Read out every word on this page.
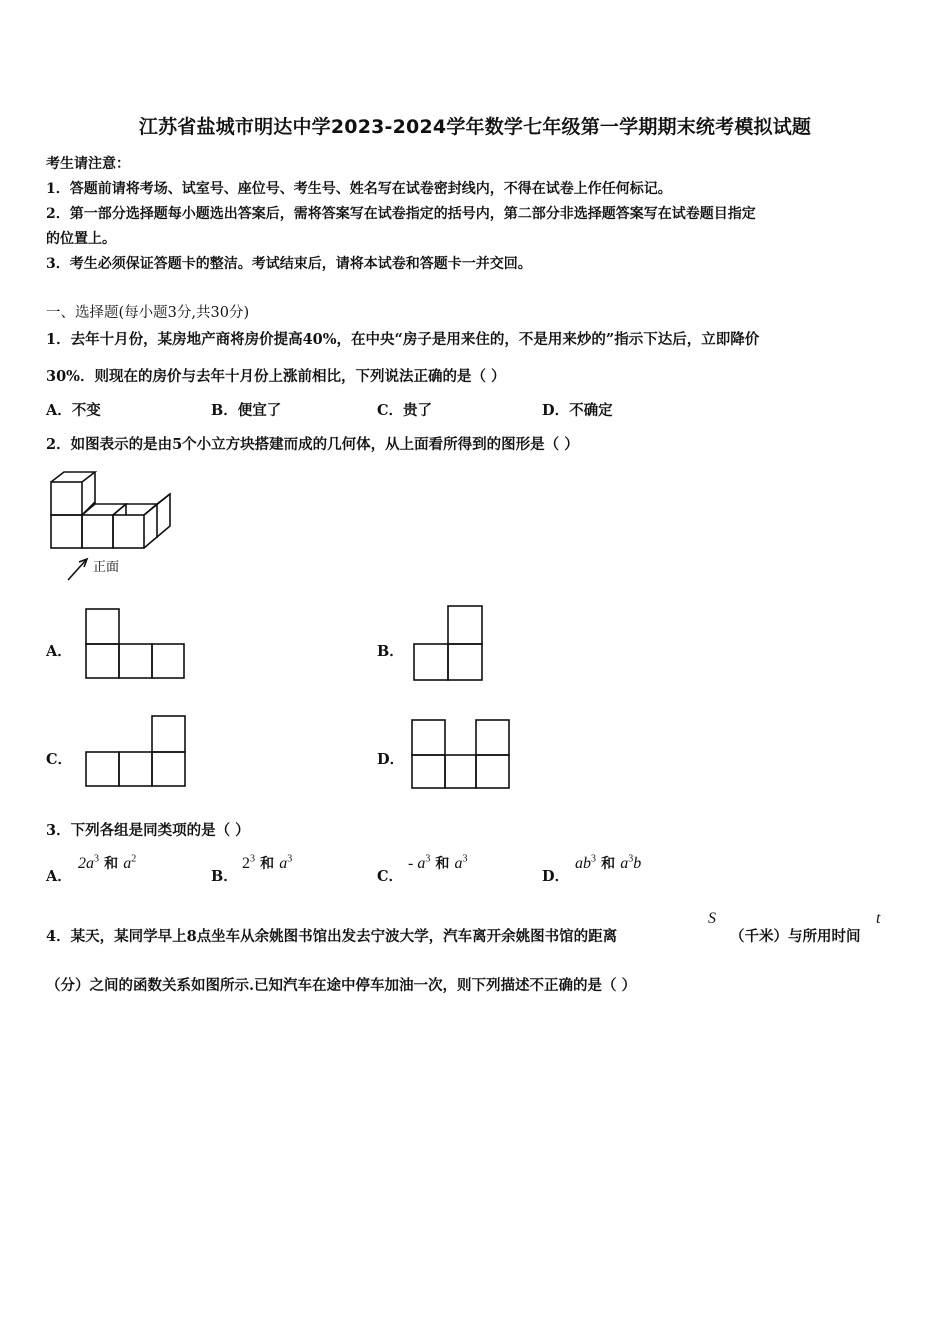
江苏省盐城市明达中学2023-2024学年数学七年级第一学期期末统考模拟试题
考生请注意：
1．答题前请将考场、试室号、座位号、考生号、姓名写在试卷密封线内，不得在试卷上作任何标记。
2．第一部分选择题每小题选出答案后，需将答案写在试卷指定的括号内，第二部分非选择题答案写在试卷题目指定
的位置上。
3．考生必须保证答题卡的整洁。考试结束后，请将本试卷和答题卡一并交回。
一、选择题(每小题3分,共30分)
1．去年十月份，某房地产商将房价提高40%，在中央“房子是用来住的，不是用来炒的”指示下达后，立即降价
30%．则现在的房价与去年十月份上涨前相比，下列说法正确的是（ ）
A．不变	B．便宜了	C．贵了	D．不确定
2．如图表示的是由5个小立方块搭建而成的几何体，从上面看所得到的图形是（ ）
正面
A．	B．
C．	D．
3．下列各组是同类项的是（ ）
A．
$2a^3$ 和 $a^2$
B．
$2^3$ 和 $a^3$
C．
- $a^3$ 和 $a^3$
D．
$ab^3$ 和 $a^3b$
4．某天，某同学早上8点坐车从余姚图书馆出发去宁波大学，汽车离开余姚图书馆的距离
S
（千米）与所用时间
t
（分）之间的函数关系如图所示.已知汽车在途中停车加油一次，则下列描述不正确的是（ ）
